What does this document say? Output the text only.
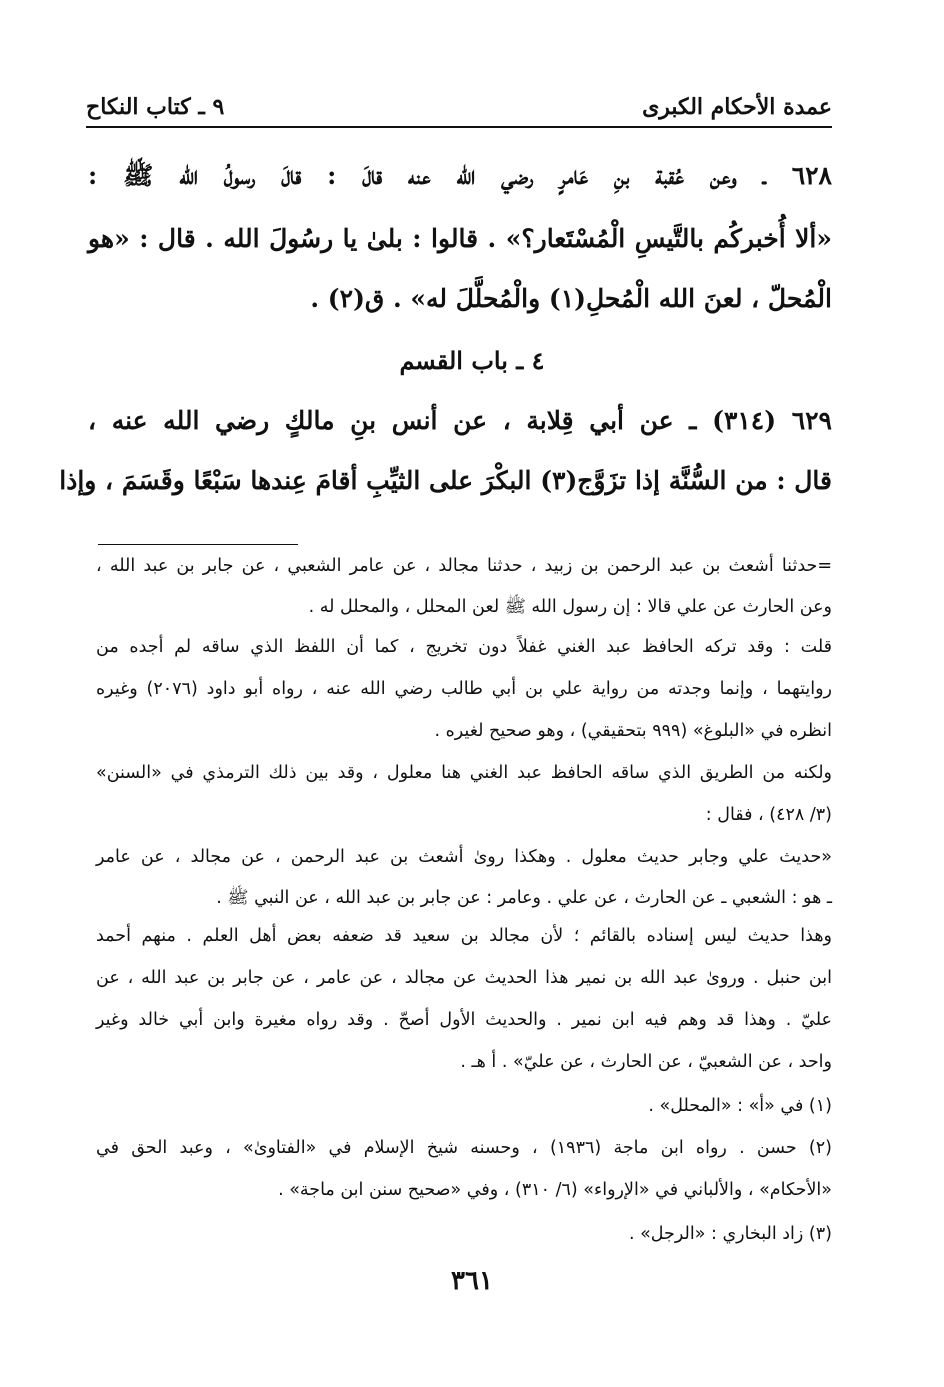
عمدة الأحكام الكبرى
٩ ـ كتاب النكاح
٦٢٨ ـ وعن عُقبة بنِ عَامرٍ رضي الله عنه قالَ : قالَ رسولُ الله ﷺ :
«ألا أُخبركُم بالتَّيسِ الْمُسْتَعار؟» . قالوا : بلىٰ يا رسُولَ الله . قال : «هو
الْمُحلّ ، لعنَ الله الْمُحلِ(١) والْمُحلَّلَ له» . ق(٢) .
٤ ـ باب القسم
٦٢٩ (٣١٤) ـ عن أبي قِلابة ، عن أنس بنِ مالكٍ رضي الله عنه ،
قال : من السُّنَّة إذا تزَوَّج(٣) البكْرَ على الثيِّبِ أقامَ عِندها سَبْعًا وقَسَمَ ، وإذا
=حدثنا أشعث بن عبد الرحمن بن زبيد ، حدثنا مجالد ، عن عامر الشعبي ، عن جابر بن عبد الله ،
وعن الحارث عن علي قالا : إن رسول الله ﷺ لعن المحلل ، والمحلل له .
قلت : وقد تركه الحافظ عبد الغني غفلاً دون تخريج ، كما أن اللفظ الذي ساقه لم أجده من
روايتهما ، وإنما وجدته من رواية علي بن أبي طالب رضي الله عنه ، رواه أبو داود (٢٠٧٦) وغيره
انظره في «البلوغ» (٩٩٩ بتحقيقي) ، وهو صحيح لغيره .
ولكنه من الطريق الذي ساقه الحافظ عبد الغني هنا معلول ، وقد بين ذلك الترمذي في «السنن»
(٣/ ٤٢٨) ، فقال :
«حديث علي وجابر حديث معلول . وهكذا روىٰ أشعث بن عبد الرحمن ، عن مجالد ، عن عامر
ـ هو : الشعبي ـ عن الحارث ، عن علي . وعامر : عن جابر بن عبد الله ، عن النبي ﷺ .
وهذا حديث ليس إسناده بالقائم ؛ لأن مجالد بن سعيد قد ضعفه بعض أهل العلم . منهم أحمد
ابن حنبل . وروىٰ عبد الله بن نمير هذا الحديث عن مجالد ، عن عامر ، عن جابر بن عبد الله ، عن
عليّ . وهذا قد وهم فيه ابن نمير . والحديث الأول أصحّ . وقد رواه مغيرة وابن أبي خالد وغير
واحد ، عن الشعبيّ ، عن الحارث ، عن عليّ» . أ هـ .
(١) في «أ» : «المحلل» .
(٢) حسن . رواه ابن ماجة (١٩٣٦) ، وحسنه شيخ الإسلام في «الفتاوىٰ» ، وعبد الحق في
«الأحكام» ، والألباني في «الإرواء» (٦/ ٣١٠) ، وفي «صحيح سنن ابن ماجة» .
(٣) زاد البخاري : «الرجل» .
٣٦١
